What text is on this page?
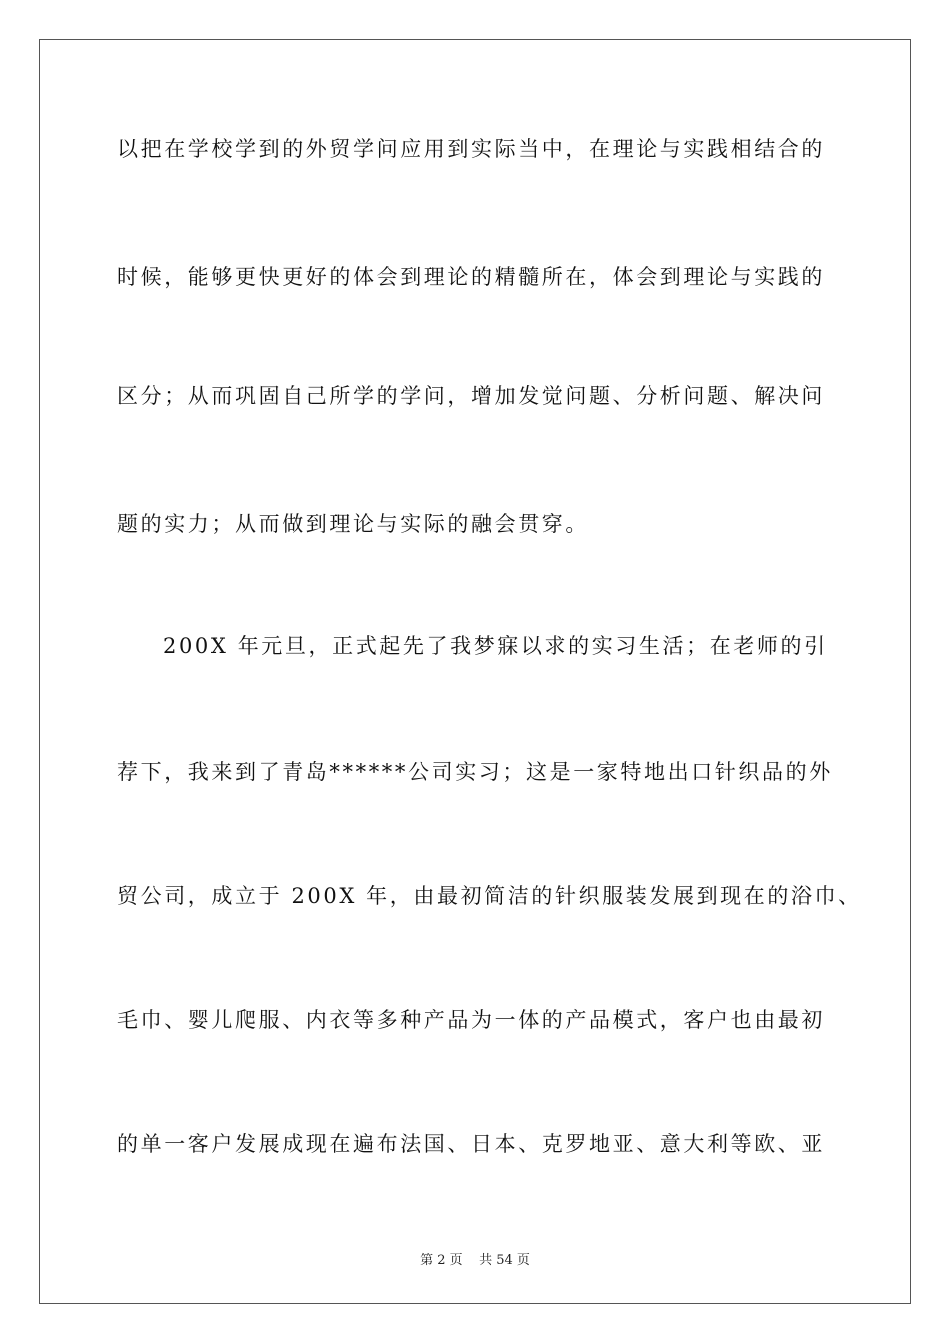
以把在学校学到的外贸学问应用到实际当中，在理论与实践相结合的
时候，能够更快更好的体会到理论的精髓所在，体会到理论与实践的
区分；从而巩固自己所学的学问，增加发觉问题、分析问题、解决问
题的实力；从而做到理论与实际的融会贯穿。
200X 年元旦，正式起先了我梦寐以求的实习生活；在老师的引
荐下，我来到了青岛******公司实习；这是一家特地出口针织品的外
贸公司，成立于 200X 年，由最初简洁的针织服装发展到现在的浴巾、
毛巾、婴儿爬服、内衣等多种产品为一体的产品模式，客户也由最初
的单一客户发展成现在遍布法国、日本、克罗地亚、意大利等欧、亚
第 2 页    共 54 页
